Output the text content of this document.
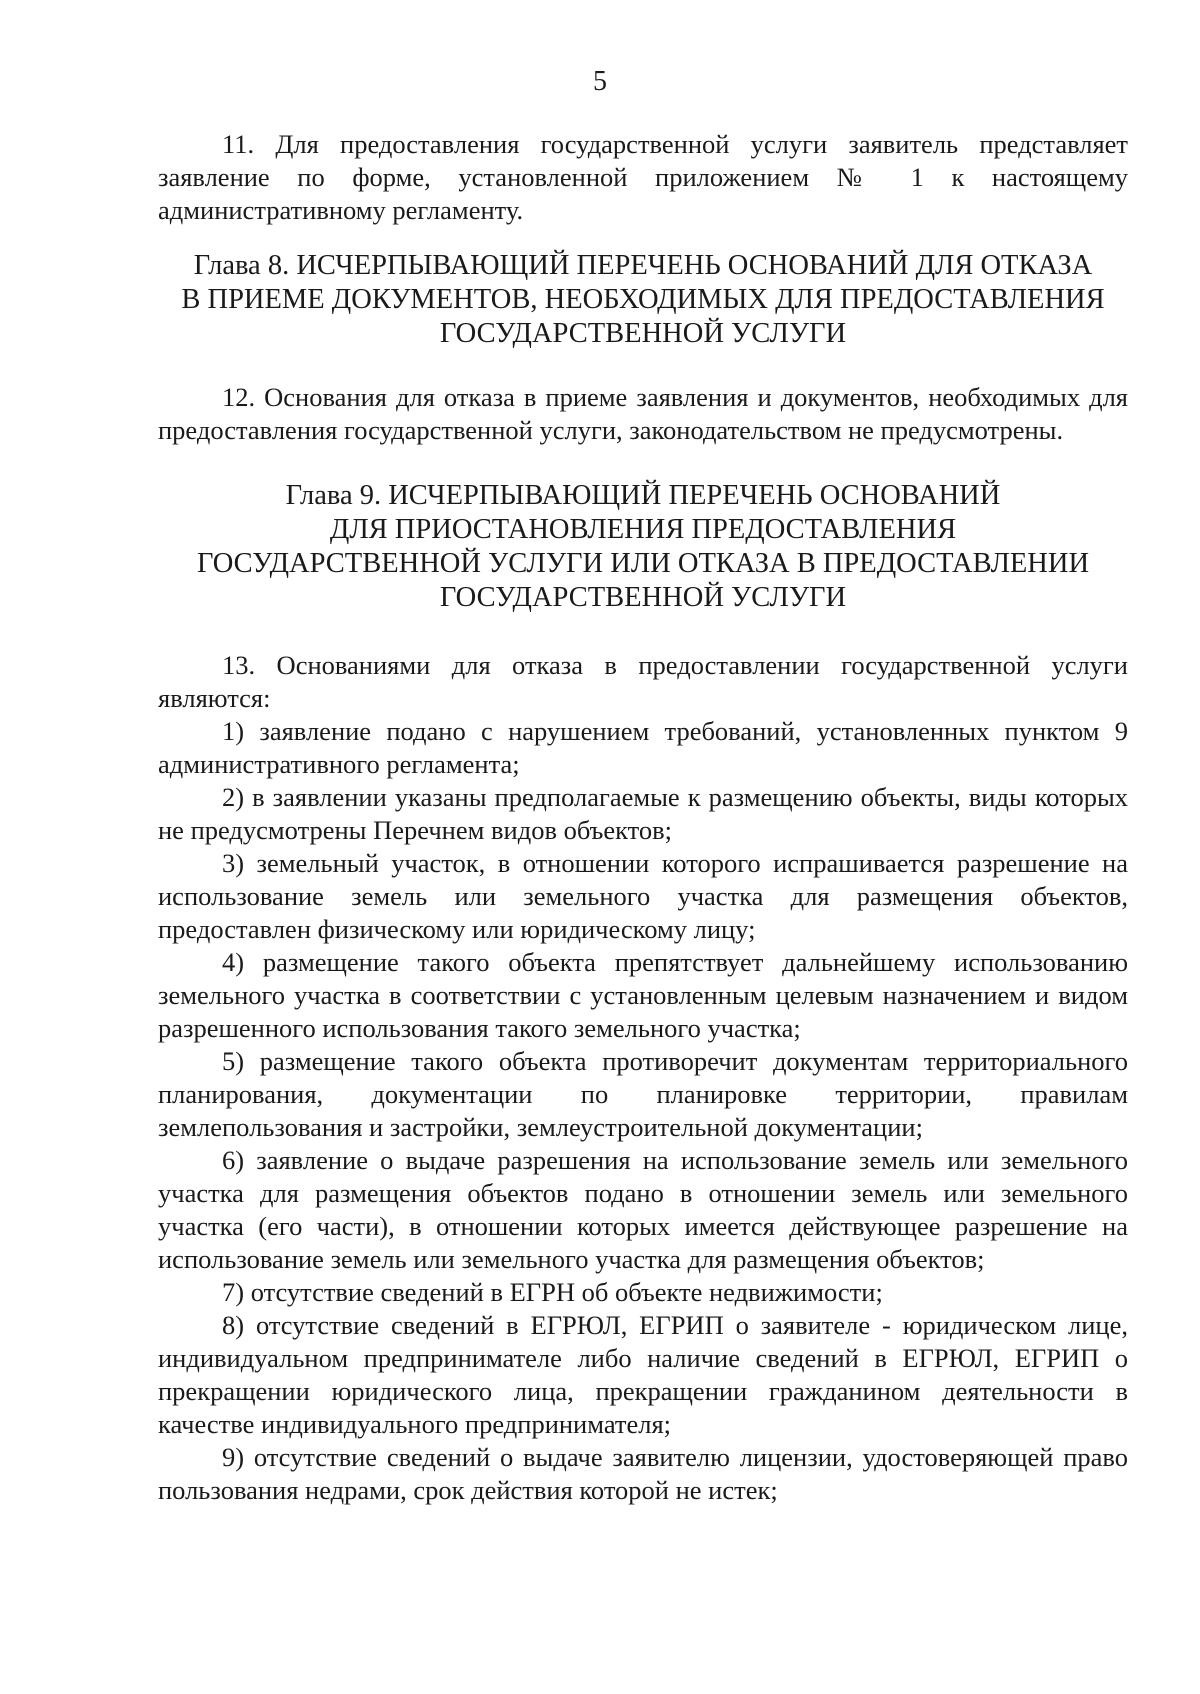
5

11. Для предоставления государственной услуги заявитель представляет заявление по форме, установленной приложением № 1 к настоящему административному регламенту.

Глава 8. ИСЧЕРПЫВАЮЩИЙ ПЕРЕЧЕНЬ ОСНОВАНИЙ ДЛЯ ОТКАЗА
В ПРИЕМЕ ДОКУМЕНТОВ, НЕОБХОДИМЫХ ДЛЯ ПРЕДОСТАВЛЕНИЯ
ГОСУДАРСТВЕННОЙ УСЛУГИ

12. Основания для отказа в приеме заявления и документов, необходимых для предоставления государственной услуги, законодательством не предусмотрены.

Глава 9. ИСЧЕРПЫВАЮЩИЙ ПЕРЕЧЕНЬ ОСНОВАНИЙ
ДЛЯ ПРИОСТАНОВЛЕНИЯ ПРЕДОСТАВЛЕНИЯ
ГОСУДАРСТВЕННОЙ УСЛУГИ ИЛИ ОТКАЗА В ПРЕДОСТАВЛЕНИИ
ГОСУДАРСТВЕННОЙ УСЛУГИ

13. Основаниями для отказа в предоставлении государственной услуги являются:

1) заявление подано с нарушением требований, установленных пунктом 9 административного регламента;

2) в заявлении указаны предполагаемые к размещению объекты, виды которых не предусмотрены Перечнем видов объектов;

3) земельный участок, в отношении которого испрашивается разрешение на использование земель или земельного участка для размещения объектов, предоставлен физическому или юридическому лицу;

4) размещение такого объекта препятствует дальнейшему использованию земельного участка в соответствии с установленным целевым назначением и видом разрешенного использования такого земельного участка;

5) размещение такого объекта противоречит документам территориального планирования, документации по планировке территории, правилам землепользования и застройки, землеустроительной документации;

6) заявление о выдаче разрешения на использование земель или земельного участка для размещения объектов подано в отношении земель или земельного участка (его части), в отношении которых имеется действующее разрешение на использование земель или земельного участка для размещения объектов;

7) отсутствие сведений в ЕГРН об объекте недвижимости;

8) отсутствие сведений в ЕГРЮЛ, ЕГРИП о заявителе - юридическом лице, индивидуальном предпринимателе либо наличие сведений в ЕГРЮЛ, ЕГРИП о прекращении юридического лица, прекращении гражданином деятельности в качестве индивидуального предпринимателя;

9) отсутствие сведений о выдаче заявителю лицензии, удостоверяющей право пользования недрами, срок действия которой не истек;
